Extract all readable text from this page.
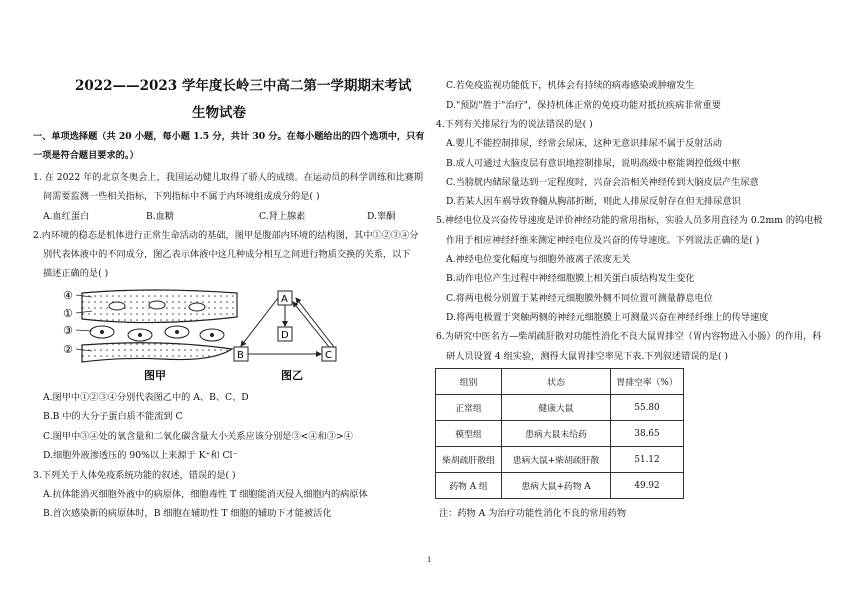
2022——2023 学年度长岭三中高二第一学期期末考试
生物试卷
一、单项选择题（共 20 小题，每小题 1.5 分，共计 30 分。在每小题给出的四个选项中，只有
一项是符合题目要求的。）
1. 在 2022 年的北京冬奥会上，我国运动健儿取得了骄人的成绩。在运动员的科学训练和比赛期
间需要监测一些相关指标，下列指标中不属于内环境组成成分的是( )
A.血红蛋白	B.血糖	C.肾上腺素	D.睾酮
2.内环境的稳态是机体进行正常生命活动的基础，图甲是腹部内环境的结构图，其中①②③④分
别代表体液中的不同成分，图乙表示体液中这几种成分相互之间进行物质交换的关系，以下
描述正确的是( )
④
①
③
②
图甲
A
D
B	C
图乙
A.图甲中①②③④分别代表图乙中的 A、B、C、D
B.B 中的大分子蛋白质不能流到 C
C.图甲中③④处的氧含量和二氧化碳含量大小关系应该分别是③<④和③>④
D.细胞外液渗透压的 90%以上来源于 K⁺和 Cl⁻
3.下列关于人体免疫系统功能的叙述，错误的是( )
A.抗体能消灭细胞外液中的病原体，细胞毒性 T 细胞能消灭侵入细胞内的病原体
B.首次感染新的病原体时，B 细胞在辅助性 T 细胞的辅助下才能被活化
C.若免疫监视功能低下，机体会有持续的病毒感染或肿瘤发生
D."预防"胜于"治疗"，保持机体正常的免疫功能对抵抗疾病非常重要
4.下列有关排尿行为的说法错误的是( )
A.婴儿不能控制排尿，经常会尿床，这种无意识排尿不属于反射活动
B.成人可通过大脑皮层有意识地控制排尿，说明高级中枢能调控低级中枢
C.当膀胱内储尿量达到一定程度时，兴奋会沿相关神经传到大脑皮层产生尿意
D.若某人因车祸导致脊髓从胸部折断，则此人排尿反射存在但无排尿意识
5.神经电位及兴奋传导速度是评价神经功能的常用指标，实验人员多用直径为 0.2mm 的钨电极
作用于相应神经纤维来测定神经电位及兴奋的传导速度。下列说法正确的是( )
A.神经电位变化幅度与细胞外液离子浓度无关
B.动作电位产生过程中神经细胞膜上相关蛋白质结构发生变化
C.将两电极分别置于某神经元细胞膜外侧不同位置可测量静息电位
D.将两电极置于突触两侧的神经元细胞膜上可测量兴奋在神经纤维上的传导速度
6.为研究中医名方—柴胡疏肝散对功能性消化不良大鼠胃排空（胃内容物进入小肠）的作用，科
研人员设置 4 组实验，测得大鼠胃排空率见下表.下列叙述错误的是( )
组别	状态	胃排空率（%）
正常组	健康大鼠	55.80
模型组	患病大鼠未给药	38.65
柴胡疏肝散组	患病大鼠+柴胡疏肝散	51.12
药物 A 组	患病大鼠+药物 A	49.92
注：药物 A 为治疗功能性消化不良的常用药物
1
